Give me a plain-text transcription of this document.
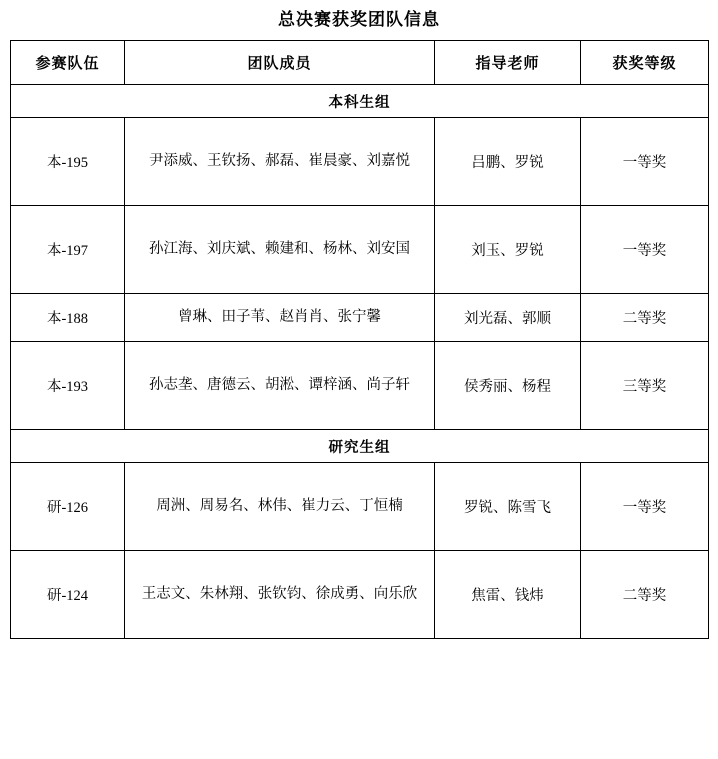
总决赛获奖团队信息
参赛队伍	团队成员	指导老师	获奖等级
本科生组			
本-195	尹添威、王钦扬、郝磊、崔晨豪、刘嘉悦	吕鹏、罗锐	一等奖
本-197	孙江海、刘庆斌、赖建和、杨林、刘安国	刘玉、罗锐	一等奖
本-188	曾琳、田子苇、赵肖肖、张宁馨	刘光磊、郭顺	二等奖
本-193	孙志垄、唐德云、胡淞、谭梓涵、尚子轩	侯秀丽、杨程	三等奖
研究生组			
研-126	周洲、周易名、林伟、崔力云、丁恒楠	罗锐、陈雪飞	一等奖
研-124	王志文、朱林翔、张钦钧、徐成勇、向乐欣	焦雷、钱炜	二等奖
